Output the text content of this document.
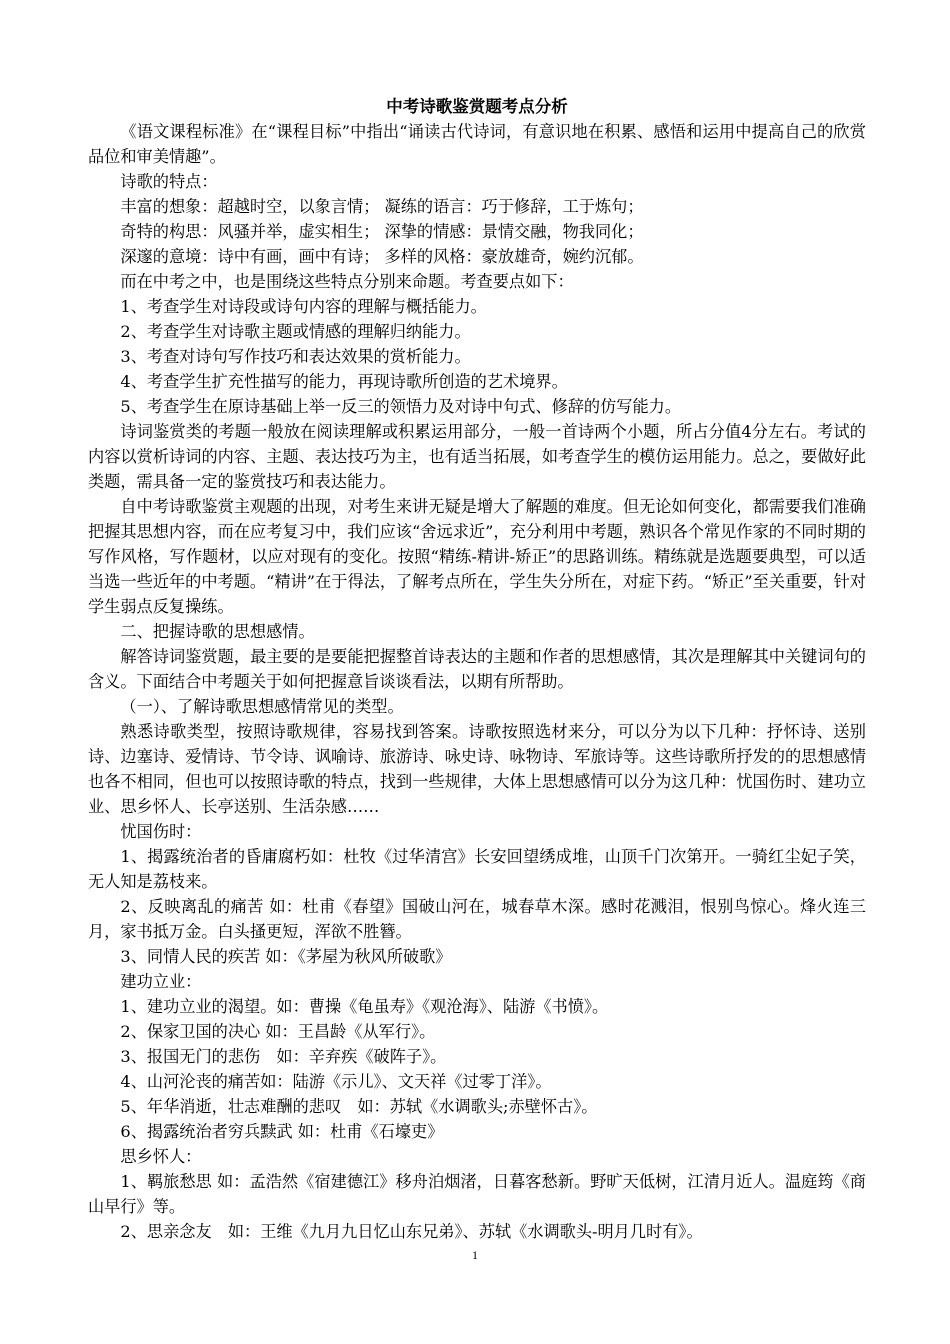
中考诗歌鉴赏题考点分析

《语文课程标准》在“课程目标”中指出“诵读古代诗词，有意识地在积累、感悟和运用中提高自己的欣赏品位和审美情趣”。

诗歌的特点：

丰富的想象：超越时空，以象言情； 凝练的语言：巧于修辞，工于炼句；

奇特的构思：风骚并举，虚实相生； 深挚的情感：景情交融，物我同化；

深邃的意境：诗中有画，画中有诗； 多样的风格：豪放雄奇，婉约沉郁。

而在中考之中，也是围绕这些特点分别来命题。考查要点如下：

1、考查学生对诗段或诗句内容的理解与概括能力。

2、考查学生对诗歌主题或情感的理解归纳能力。

3、考查对诗句写作技巧和表达效果的赏析能力。

4、考查学生扩充性描写的能力，再现诗歌所创造的艺术境界。

5、考查学生在原诗基础上举一反三的领悟力及对诗中句式、修辞的仿写能力。

诗词鉴赏类的考题一般放在阅读理解或积累运用部分，一般一首诗两个小题，所占分值4分左右。考试的内容以赏析诗词的内容、主题、表达技巧为主，也有适当拓展，如考查学生的模仿运用能力。总之，要做好此类题，需具备一定的鉴赏技巧和表达能力。

自中考诗歌鉴赏主观题的出现，对考生来讲无疑是增大了解题的难度。但无论如何变化，都需要我们准确把握其思想内容，而在应考复习中，我们应该“舍远求近”，充分利用中考题，熟识各个常见作家的不同时期的写作风格，写作题材，以应对现有的变化。按照“精练-精讲-矫正”的思路训练。精练就是选题要典型，可以适当选一些近年的中考题。“精讲”在于得法，了解考点所在，学生失分所在，对症下药。“矫正”至关重要，针对学生弱点反复操练。

二、把握诗歌的思想感情。

解答诗词鉴赏题，最主要的是要能把握整首诗表达的主题和作者的思想感情，其次是理解其中关键词句的含义。下面结合中考题关于如何把握意旨谈谈看法，以期有所帮助。

（一）、了解诗歌思想感情常见的类型。

熟悉诗歌类型，按照诗歌规律，容易找到答案。诗歌按照选材来分，可以分为以下几种：抒怀诗、送别诗、边塞诗、爱情诗、节令诗、讽喻诗、旅游诗、咏史诗、咏物诗、军旅诗等。这些诗歌所抒发的的思想感情也各不相同，但也可以按照诗歌的特点，找到一些规律，大体上思想感情可以分为这几种：忧国伤时、建功立业、思乡怀人、长亭送别、生活杂感……

忧国伤时：

1、揭露统治者的昏庸腐朽如：杜牧《过华清宫》长安回望绣成堆，山顶千门次第开。一骑红尘妃子笑，无人知是荔枝来。

2、反映离乱的痛苦 如：杜甫《春望》国破山河在，城春草木深。感时花溅泪，恨别鸟惊心。烽火连三月，家书抵万金。白头搔更短，浑欲不胜簪。

3、同情人民的疾苦 如：《茅屋为秋风所破歌》

建功立业：

1、建功立业的渴望。如：曹操《龟虽寿》《观沧海》、陆游《书愤》。

2、保家卫国的决心 如：王昌龄《从军行》。

3、报国无门的悲伤　如：辛弃疾《破阵子》。

4、山河沦丧的痛苦如：陆游《示儿》、文天祥《过零丁洋》。

5、年华消逝，壮志难酬的悲叹　如：苏轼《水调歌头;赤壁怀古》。

6、揭露统治者穷兵黩武 如：杜甫《石壕吏》

思乡怀人：

1、羁旅愁思 如：孟浩然《宿建德江》移舟泊烟渚，日暮客愁新。野旷天低树，江清月近人。温庭筠《商山早行》等。

2、思亲念友　如：王维《九月九日忆山东兄弟》、苏轼《水调歌头-明月几时有》。

1
